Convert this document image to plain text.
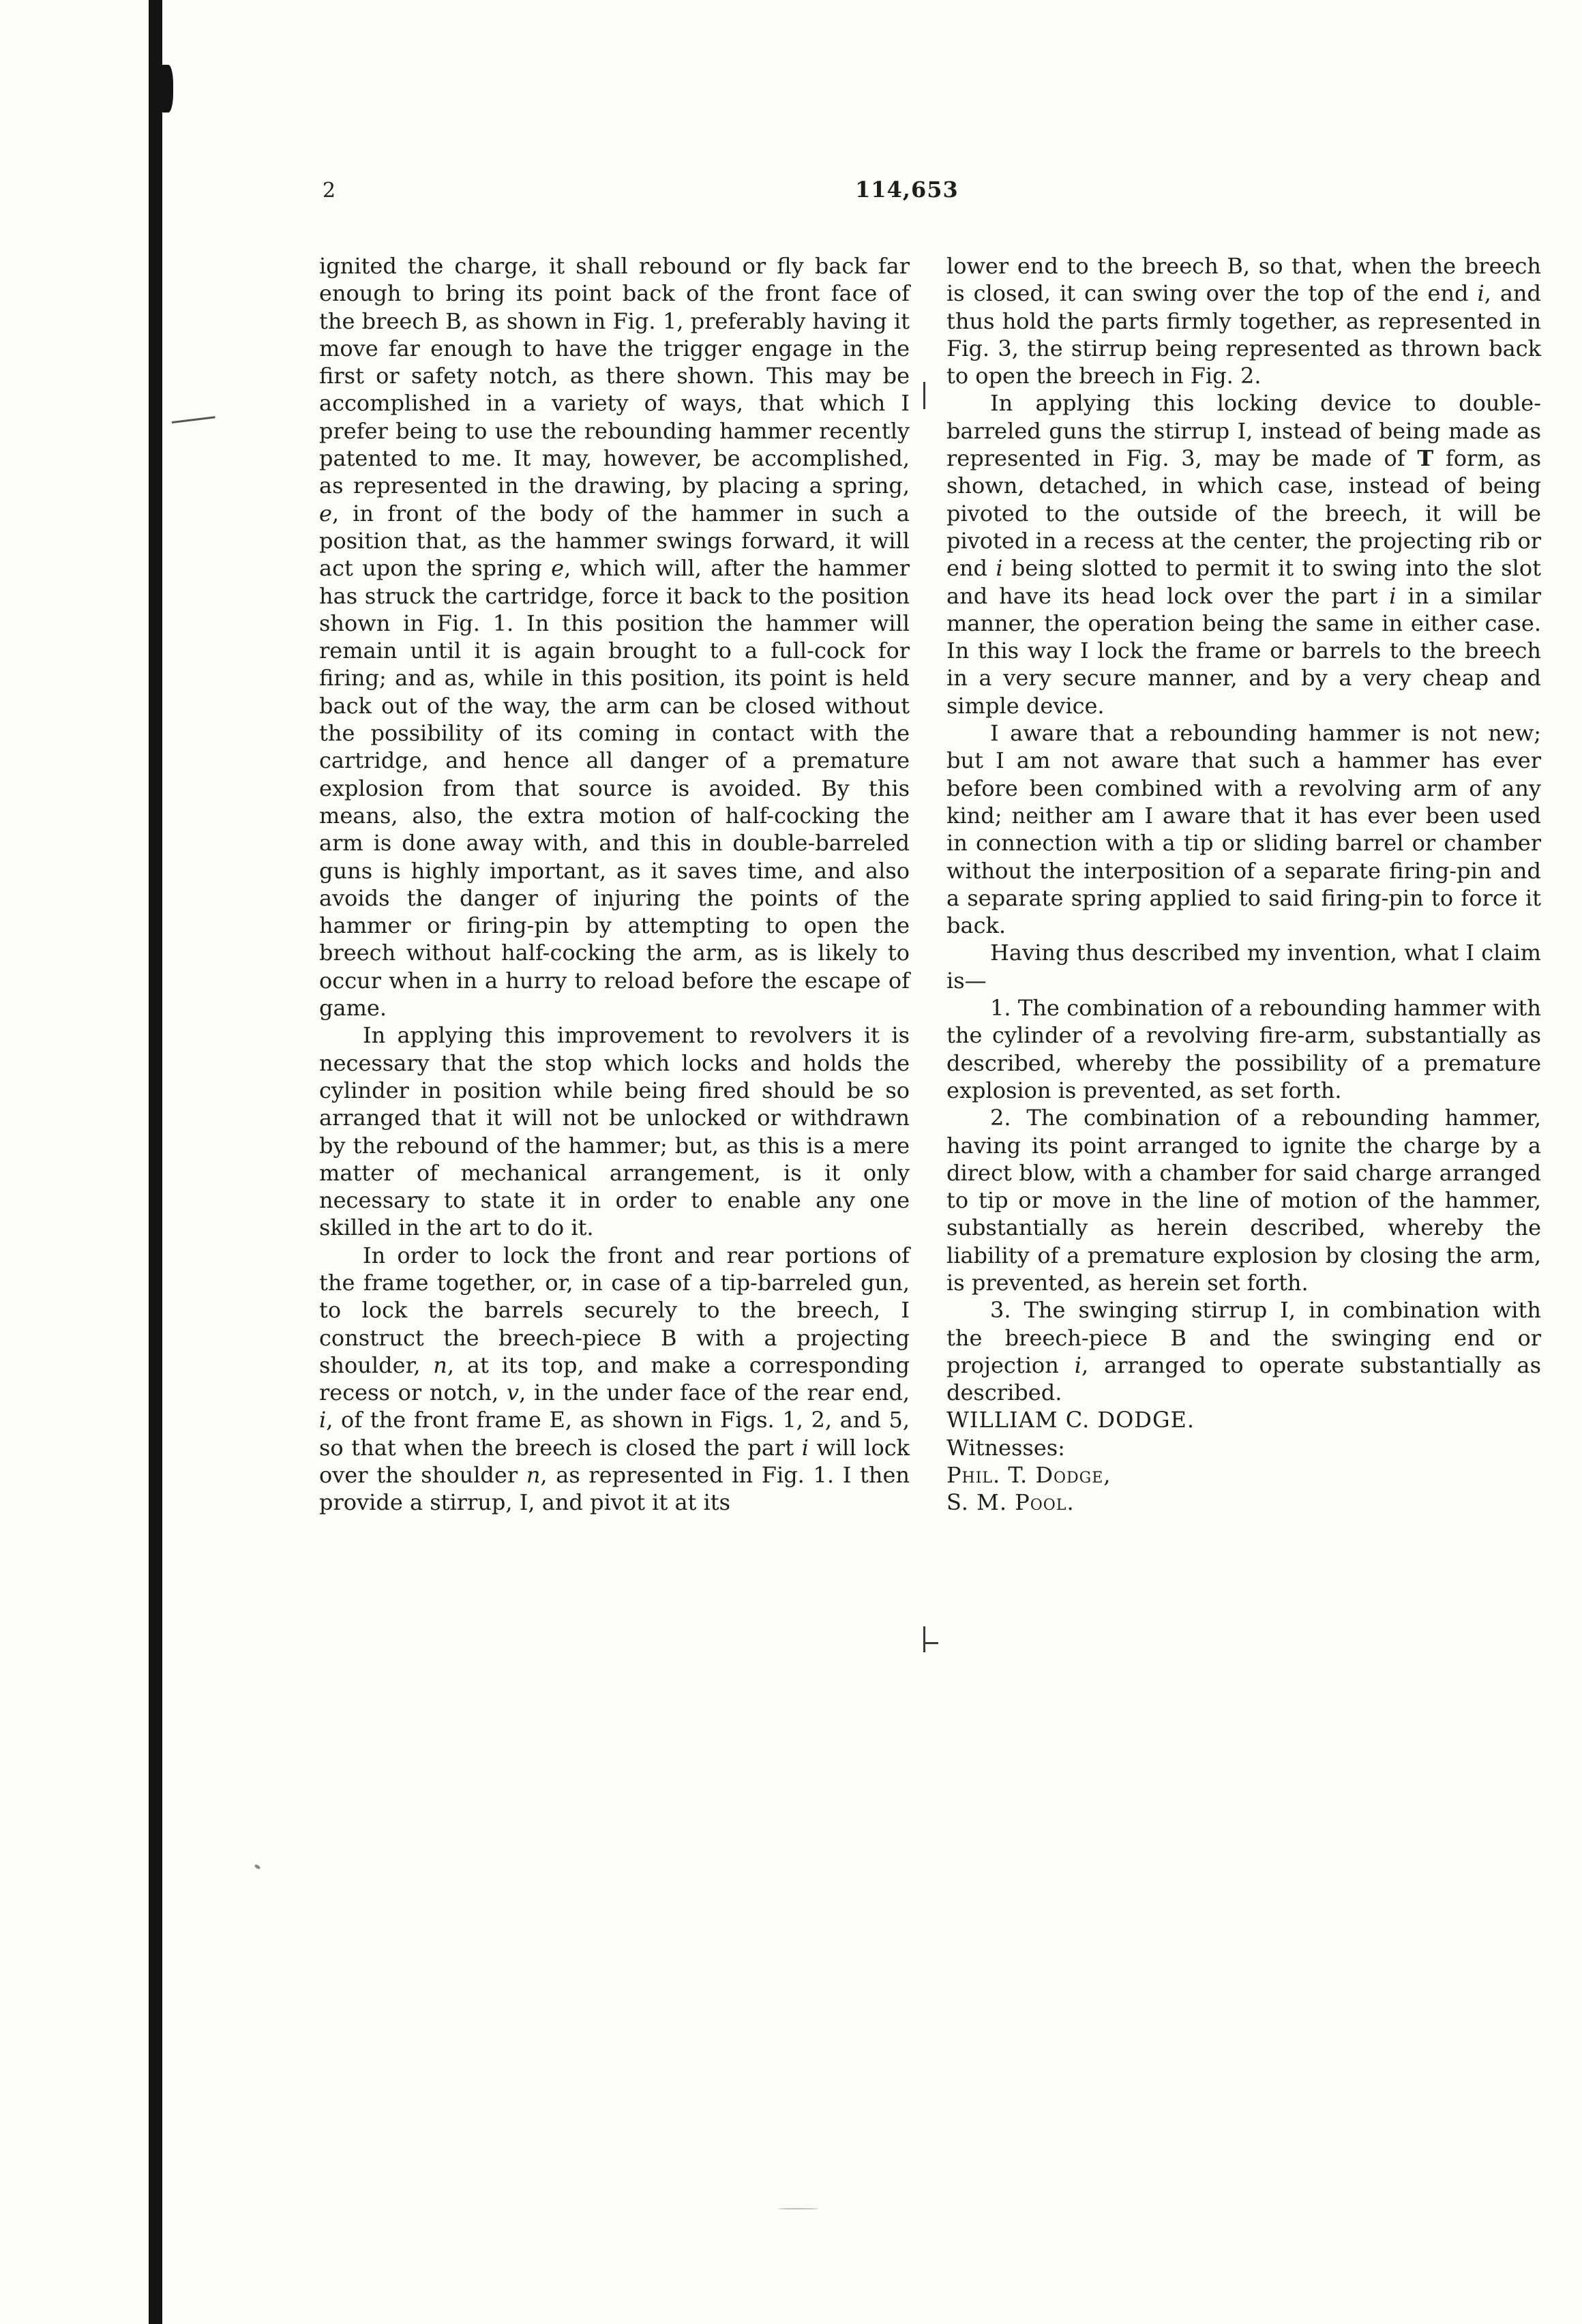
2	114,653

ignited the charge, it shall rebound or fly back far enough to bring its point back of the front face of the breech B, as shown in Fig. 1, preferably having it move far enough to have the trigger engage in the first or safety notch, as there shown. This may be accomplished in a variety of ways, that which I prefer being to use the rebounding hammer recently patented to me. It may, however, be accomplished, as represented in the drawing, by placing a spring, e, in front of the body of the hammer in such a position that, as the hammer swings forward, it will act upon the spring e, which will, after the hammer has struck the cartridge, force it back to the position shown in Fig. 1. In this position the hammer will remain until it is again brought to a full-cock for firing; and as, while in this position, its point is held back out of the way, the arm can be closed without the possibility of its coming in contact with the cartridge, and hence all danger of a premature explosion from that source is avoided. By this means, also, the extra motion of half-cocking the arm is done away with, and this in double-barreled guns is highly important, as it saves time, and also avoids the danger of injuring the points of the hammer or firing-pin by attempting to open the breech without half-cocking the arm, as is likely to occur when in a hurry to reload before the escape of game.

In applying this improvement to revolvers it is necessary that the stop which locks and holds the cylinder in position while being fired should be so arranged that it will not be unlocked or withdrawn by the rebound of the hammer; but, as this is a mere matter of mechanical arrangement, is it only necessary to state it in order to enable any one skilled in the art to do it.

In order to lock the front and rear portions of the frame together, or, in case of a tip-barreled gun, to lock the barrels securely to the breech, I construct the breech-piece B with a projecting shoulder, n, at its top, and make a corresponding recess or notch, v, in the under face of the rear end, i, of the front frame E, as shown in Figs. 1, 2, and 5, so that when the breech is closed the part i will lock over the shoulder n, as represented in Fig. 1. I then provide a stirrup, I, and pivot it at its

lower end to the breech B, so that, when the breech is closed, it can swing over the top of the end i, and thus hold the parts firmly together, as represented in Fig. 3, the stirrup being represented as thrown back to open the breech in Fig. 2.

In applying this locking device to double-barreled guns the stirrup I, instead of being made as represented in Fig. 3, may be made of T form, as shown, detached, in which case, instead of being pivoted to the outside of the breech, it will be pivoted in a recess at the center, the projecting rib or end i being slotted to permit it to swing into the slot and have its head lock over the part i in a similar manner, the operation being the same in either case. In this way I lock the frame or barrels to the breech in a very secure manner, and by a very cheap and simple device.

I aware that a rebounding hammer is not new; but I am not aware that such a hammer has ever before been combined with a revolving arm of any kind; neither am I aware that it has ever been used in connection with a tip or sliding barrel or chamber without the interposition of a separate firing-pin and a separate spring applied to said firing-pin to force it back.

Having thus described my invention, what I claim is—

1. The combination of a rebounding hammer with the cylinder of a revolving fire-arm, substantially as described, whereby the possibility of a premature explosion is prevented, as set forth.

2. The combination of a rebounding hammer, having its point arranged to ignite the charge by a direct blow, with a chamber for said charge arranged to tip or move in the line of motion of the hammer, substantially as herein described, whereby the liability of a premature explosion by closing the arm, is prevented, as herein set forth.

3. The swinging stirrup I, in combination with the breech-piece B and the swinging end or projection i, arranged to operate substantially as described.

WILLIAM C. DODGE.

Witnesses:

Phil. T. Dodge,

S. M. Pool.
